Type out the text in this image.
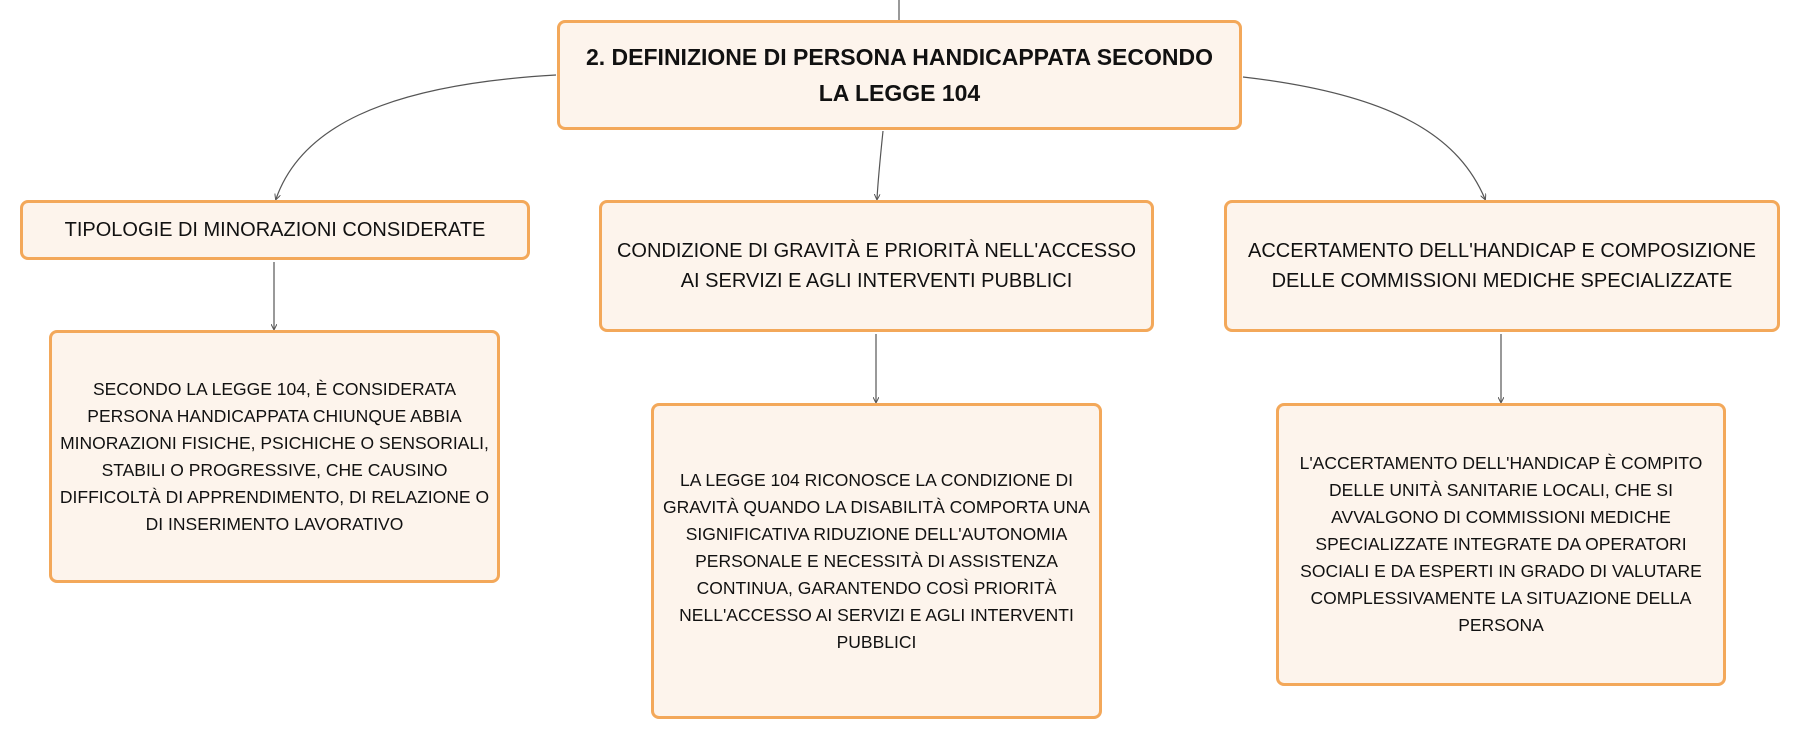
2. DEFINIZIONE DI PERSONA HANDICAPPATA SECONDO LA LEGGE 104
TIPOLOGIE DI MINORAZIONI CONSIDERATE
CONDIZIONE DI GRAVITÀ E PRIORITÀ NELL'ACCESSO AI SERVIZI E AGLI INTERVENTI PUBBLICI
ACCERTAMENTO DELL'HANDICAP E COMPOSIZIONE DELLE COMMISSIONI MEDICHE SPECIALIZZATE
SECONDO LA LEGGE 104, È CONSIDERATA PERSONA HANDICAPPATA CHIUNQUE ABBIA MINORAZIONI FISICHE, PSICHICHE O SENSORIALI, STABILI O PROGRESSIVE, CHE CAUSINO DIFFICOLTÀ DI APPRENDIMENTO, DI RELAZIONE O DI INSERIMENTO LAVORATIVO
LA LEGGE 104 RICONOSCE LA CONDIZIONE DI GRAVITÀ QUANDO LA DISABILITÀ COMPORTA UNA SIGNIFICATIVA RIDUZIONE DELL'AUTONOMIA PERSONALE E NECESSITÀ DI ASSISTENZA CONTINUA, GARANTENDO COSÌ PRIORITÀ NELL'ACCESSO AI SERVIZI E AGLI INTERVENTI PUBBLICI
L'ACCERTAMENTO DELL'HANDICAP È COMPITO DELLE UNITÀ SANITARIE LOCALI, CHE SI AVVALGONO DI COMMISSIONI MEDICHE SPECIALIZZATE INTEGRATE DA OPERATORI SOCIALI E DA ESPERTI IN GRADO DI VALUTARE COMPLESSIVAMENTE LA SITUAZIONE DELLA PERSONA
